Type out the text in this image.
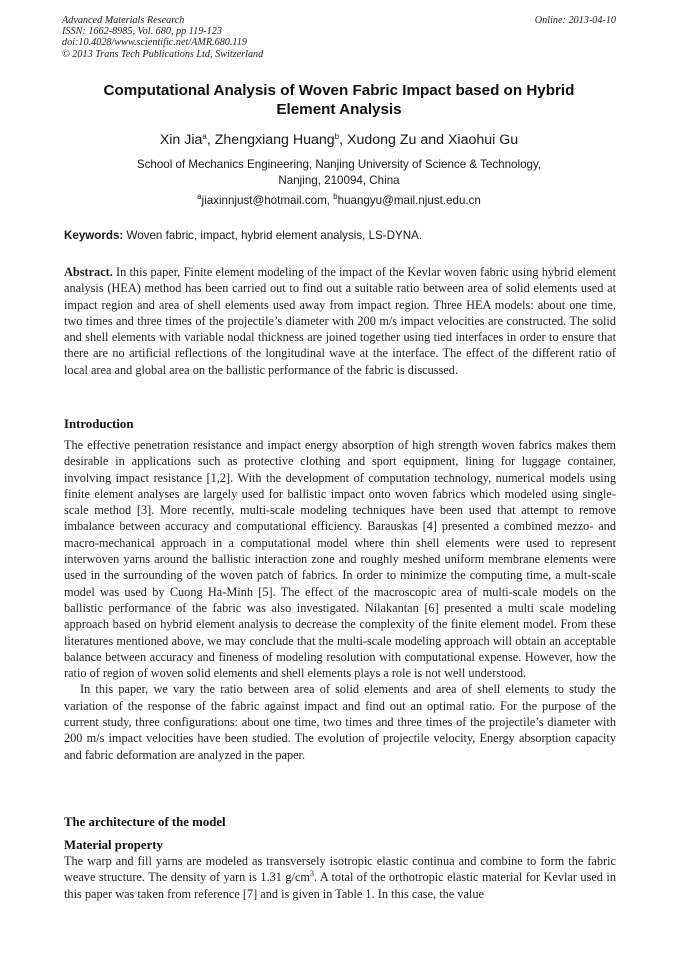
Advanced Materials Research
ISSN: 1662-8985, Vol. 680, pp 119-123
doi:10.4028/www.scientific.net/AMR.680.119
© 2013 Trans Tech Publications Ltd, Switzerland
Online: 2013-04-10
Computational Analysis of Woven Fabric Impact based on Hybrid
Element Analysis
Xin Jia$^a$, Zhengxiang Huang$^b$, Xudong Zu and Xiaohui Gu
School of Mechanics Engineering, Nanjing University of Science & Technology,
Nanjing, 210094, China
$^a$jiaxinnjust@hotmail.com, $^b$huangyu@mail.njust.edu.cn
Keywords: Woven fabric, impact, hybrid element analysis, LS-DYNA.

Abstract. In this paper, Finite element modeling of the impact of the Kevlar woven fabric using hybrid element analysis (HEA) method has been carried out to find out a suitable ratio between area of solid elements used at impact region and area of shell elements used away from impact region. Three HEA models: about one time, two times and three times of the projectile’s diameter with 200 m/s impact velocities are constructed. The solid and shell elements with variable nodal thickness are joined together using tied interfaces in order to ensure that there are no artificial reflections of the longitudinal wave at the interface. The effect of the different ratio of local area and global area on the ballistic performance of the fabric is discussed.

Introduction

The effective penetration resistance and impact energy absorption of high strength woven fabrics makes them desirable in applications such as protective clothing and sport equipment, lining for luggage container, involving impact resistance [1,2]. With the development of computation technology, numerical models using finite element analyses are largely used for ballistic impact onto woven fabrics which modeled using single-scale method [3]. More recently, multi-scale modeling techniques have been used that attempt to remove imbalance between accuracy and computational efficiency. Barauskas [4] presented a combined mezzo- and macro-mechanical approach in a computational model where thin shell elements were used to represent interwoven yarns around the ballistic interaction zone and roughly meshed uniform membrane elements were used in the surrounding of the woven patch of fabrics. In order to minimize the computing time, a mult-scale model was used by Cuong Ha-Minh [5]. The effect of the macroscopic area of multi-scale models on the ballistic performance of the fabric was also investigated. Nilakantan [6] presented a multi scale modeling approach based on hybrid element analysis to decrease the complexity of the finite element model. From these literatures mentioned above, we may conclude that the multi-scale modeling approach will obtain an acceptable balance between accuracy and fineness of modeling resolution with computational expense. However, how the ratio of region of woven solid elements and shell elements plays a role is not well understood.

In this paper, we vary the ratio between area of solid elements and area of shell elements to study the variation of the response of the fabric against impact and find out an optimal ratio. For the purpose of the current study, three configurations: about one time, two times and three times of the projectile’s diameter with 200 m/s impact velocities have been studied. The evolution of projectile velocity, Energy absorption capacity and fabric deformation are analyzed in the paper.

The architecture of the model
Material property

The warp and fill yarns are modeled as transversely isotropic elastic continua and combine to form the fabric weave structure. The density of yarn is 1.31 $g/cm^3$. A total of the orthotropic elastic material for Kevlar used in this paper was taken from reference [7] and is given in Table 1. In this case, the value
